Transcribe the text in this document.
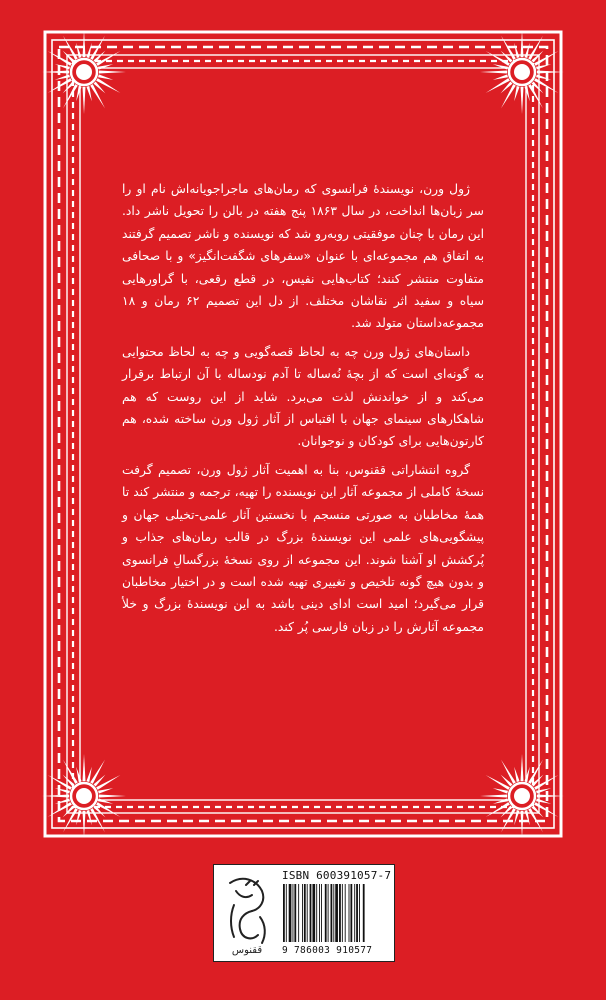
ژول ورن، نویسندهٔ فرانسوی که رمان‌های ماجراجویانه‌اش نام او را سر زبان‌ها انداخت، در سال ۱۸۶۳ پنج هفته در بالن را تحویل ناشر داد. این رمان با چنان موفقیتی روبه‌رو شد که نویسنده و ناشر تصمیم گرفتند به اتفاق هم مجموعه‌ای با عنوان «سفرهای شگفت‌انگیز» و با صحافی متفاوت منتشر کنند؛ کتاب‌هایی نفیس، در قطع رقعی، با گراورهایی سیاه و سفید اثر نقاشان مختلف. از دل این تصمیم ۶۲ رمان و ۱۸ مجموعه‌داستان متولد شد.

داستان‌های ژول ورن چه به لحاظ قصه‌گویی و چه به لحاظ محتوایی به گونه‌ای است که از بچهٔ نُه‌ساله تا آدم نودساله با آن ارتباط برقرار می‌کند و از خواندنش لذت می‌برد. شاید از این روست که هم شاهکارهای سینمای جهان با اقتباس از آثار ژول ورن ساخته شده، هم کارتون‌هایی برای کودکان و نوجوانان.

گروه انتشاراتی ققنوس، بنا به اهمیت آثار ژول ورن، تصمیم گرفت نسخهٔ کاملی از مجموعه آثار این نویسنده را تهیه، ترجمه و منتشر کند تا همهٔ مخاطبان به صورتی منسجم با نخستین آثار علمی-تخیلی جهان و پیشگویی‌های علمی این نویسندهٔ بزرگ در قالب رمان‌های جذاب و پُرکشش او آشنا شوند. این مجموعه از روی نسخهٔ بزرگسالِ فرانسوی و بدون هیچ گونه تلخیص و تغییری تهیه شده است و در اختیار مخاطبان قرار می‌گیرد؛ امید است ادای دینی باشد به این نویسندهٔ بزرگ و خلأ مجموعه آثارش را در زبان فارسی پُر کند.

ققنوس
ISBN 600391057-7
9 786003 910577
